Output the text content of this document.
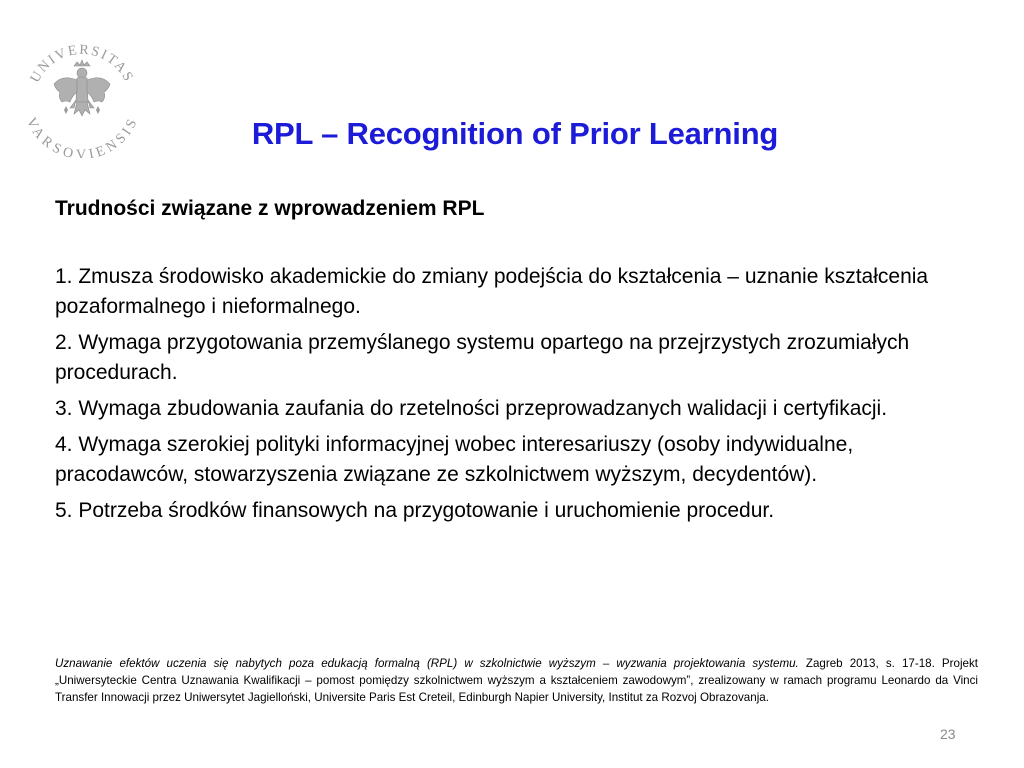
UNIVERSITAS
VARSOVIENSIS	RPL – Recognition of Prior Learning
Trudności związane z wprowadzeniem RPL
1. Zmusza środowisko akademickie do zmiany podejścia do kształcenia – uznanie kształcenia pozaformalnego i nieformalnego.
2. Wymaga przygotowania przemyślanego systemu opartego na przejrzystych zrozumiałych procedurach.
3. Wymaga zbudowania zaufania do rzetelności przeprowadzanych walidacji i certyfikacji.
4. Wymaga szerokiej polityki informacyjnej wobec interesariuszy (osoby indywidualne, pracodawców, stowarzyszenia związane ze szkolnictwem wyższym, decydentów).
5. Potrzeba środków finansowych na przygotowanie i uruchomienie procedur.
Uznawanie efektów uczenia się nabytych poza edukacją formalną (RPL) w szkolnictwie wyższym – wyzwania projektowania systemu. Zagreb 2013, s. 17-18. Projekt „Uniwersyteckie Centra Uznawania Kwalifikacji – pomost pomiędzy szkolnictwem wyższym a kształceniem zawodowym”, zrealizowany w ramach programu Leonardo da Vinci Transfer Innowacji przez Uniwersytet Jagielloński, Universite Paris Est Creteil, Edinburgh Napier University, Institut za Rozvoj Obrazovanja.
23
